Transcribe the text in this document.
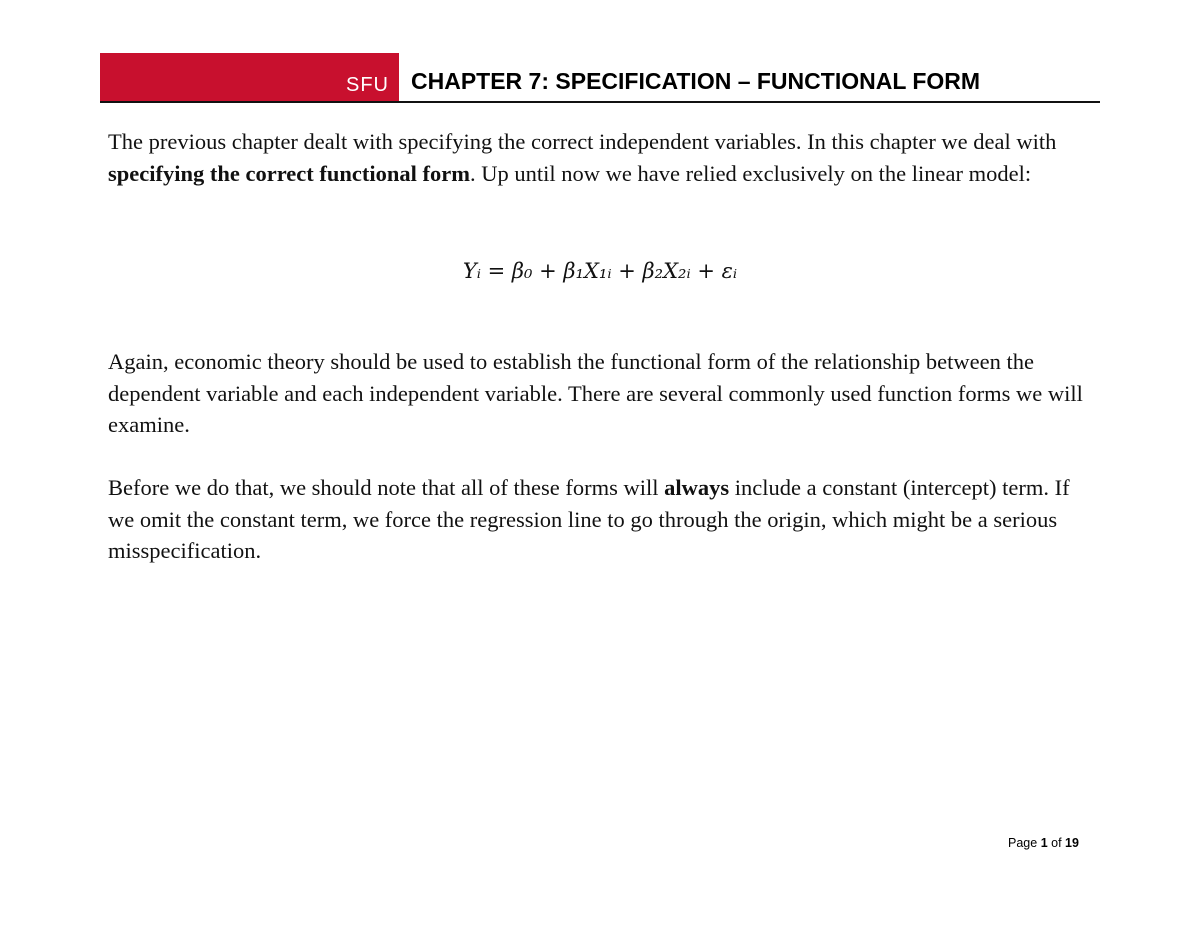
SFU CHAPTER 7: SPECIFICATION – FUNCTIONAL FORM

The previous chapter dealt with specifying the correct independent variables. In this chapter we deal with specifying the correct functional form. Up until now we have relied exclusively on the linear model:

Yᵢ = β₀ + β₁X₁ᵢ + β₂X₂ᵢ + εᵢ

Again, economic theory should be used to establish the functional form of the relationship between the dependent variable and each independent variable. There are several commonly used function forms we will examine.

Before we do that, we should note that all of these forms will always include a constant (intercept) term. If we omit the constant term, we force the regression line to go through the origin, which might be a serious misspecification.

Page 1 of 19
